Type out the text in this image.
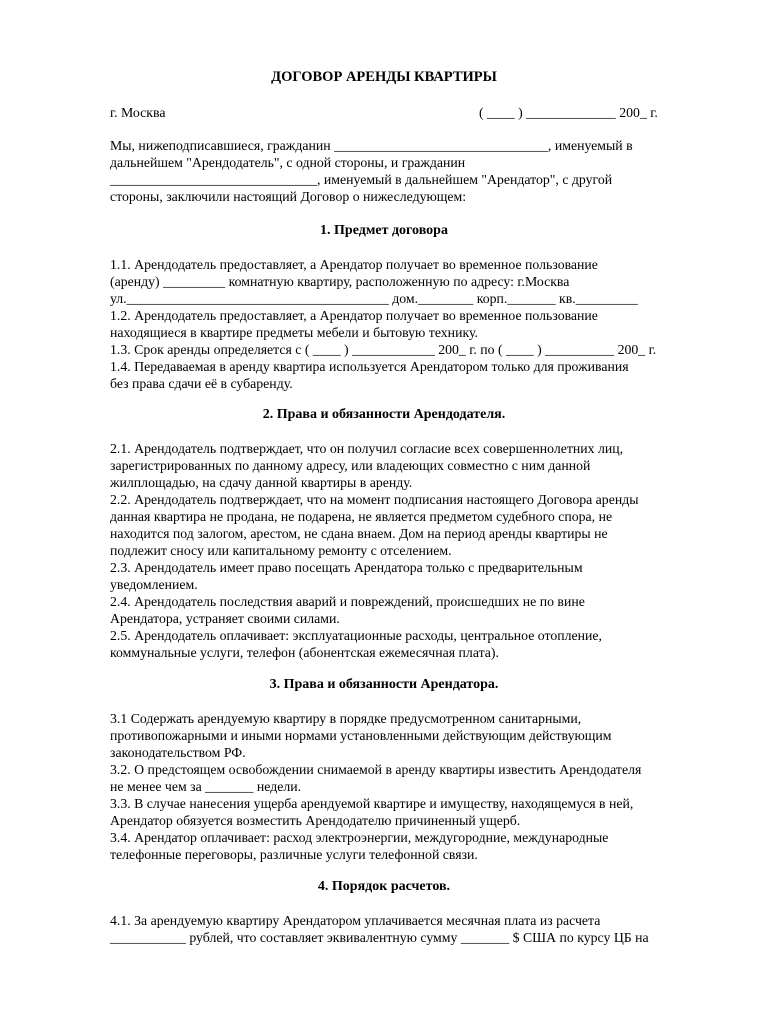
ДОГОВОР АРЕНДЫ КВАРТИРЫ
г. Москва	( ____ ) _____________ 200_ г.
Мы, нижеподписавшиеся, гражданин _______________________________, именуемый в
дальнейшем "Арендодатель", с одной стороны, и гражданин
______________________________, именуемый в дальнейшем "Арендатор", с другой
стороны, заключили настоящий Договор о нижеследующем:
1. Предмет договора
1.1. Арендодатель предоставляет, а Арендатор получает во временное пользование
(аренду) _________ комнатную квартиру, расположенную по адресу: г.Москва
ул.______________________________________ дом.________ корп._______ кв._________
1.2. Арендодатель предоставляет, а Арендатор получает во временное пользование
находящиеся в квартире предметы мебели и бытовую технику.
1.3. Срок аренды определяется с ( ____ ) ____________ 200_ г. по ( ____ ) __________ 200_ г.
1.4. Передаваемая в аренду квартира используется Арендатором только для проживания
без права сдачи её в субаренду.
2. Права и обязанности Арендодателя.
2.1. Арендодатель подтверждает, что он получил согласие всех совершеннолетних лиц,
зарегистрированных по данному адресу, или владеющих совместно с ним данной
жилплощадью, на сдачу данной квартиры в аренду.
2.2. Арендодатель подтверждает, что на момент подписания настоящего Договора аренды
данная квартира не продана, не подарена, не является предметом судебного спора, не
находится под залогом, арестом, не сдана внаем. Дом на период аренды квартиры не
подлежит сносу или капитальному ремонту с отселением.
2.3. Арендодатель имеет право посещать Арендатора только с предварительным
уведомлением.
2.4. Арендодатель последствия аварий и повреждений, происшедших не по вине
Арендатора, устраняет своими силами.
2.5. Арендодатель оплачивает: эксплуатационные расходы, центральное отопление,
коммунальные услуги, телефон (абонентская ежемесячная плата).
3. Права и обязанности Арендатора.
3.1 Содержать арендуемую квартиру в порядке предусмотренном санитарными,
противопожарными и иными нормами установленными действующим действующим
законодательством РФ.
3.2. О предстоящем освобождении снимаемой в аренду квартиры известить Арендодателя
не менее чем за _______ недели.
3.3. В случае нанесения ущерба арендуемой квартире и имуществу, находящемуся в ней,
Арендатор обязуется возместить Арендодателю причиненный ущерб.
3.4. Арендатор оплачивает: расход электроэнергии, междугородние, международные
телефонные переговоры, различные услуги телефонной связи.
4. Порядок расчетов.
4.1. За арендуемую квартиру Арендатором уплачивается месячная плата из расчета
___________ рублей, что составляет эквивалентную сумму _______ $ США по курсу ЦБ на
